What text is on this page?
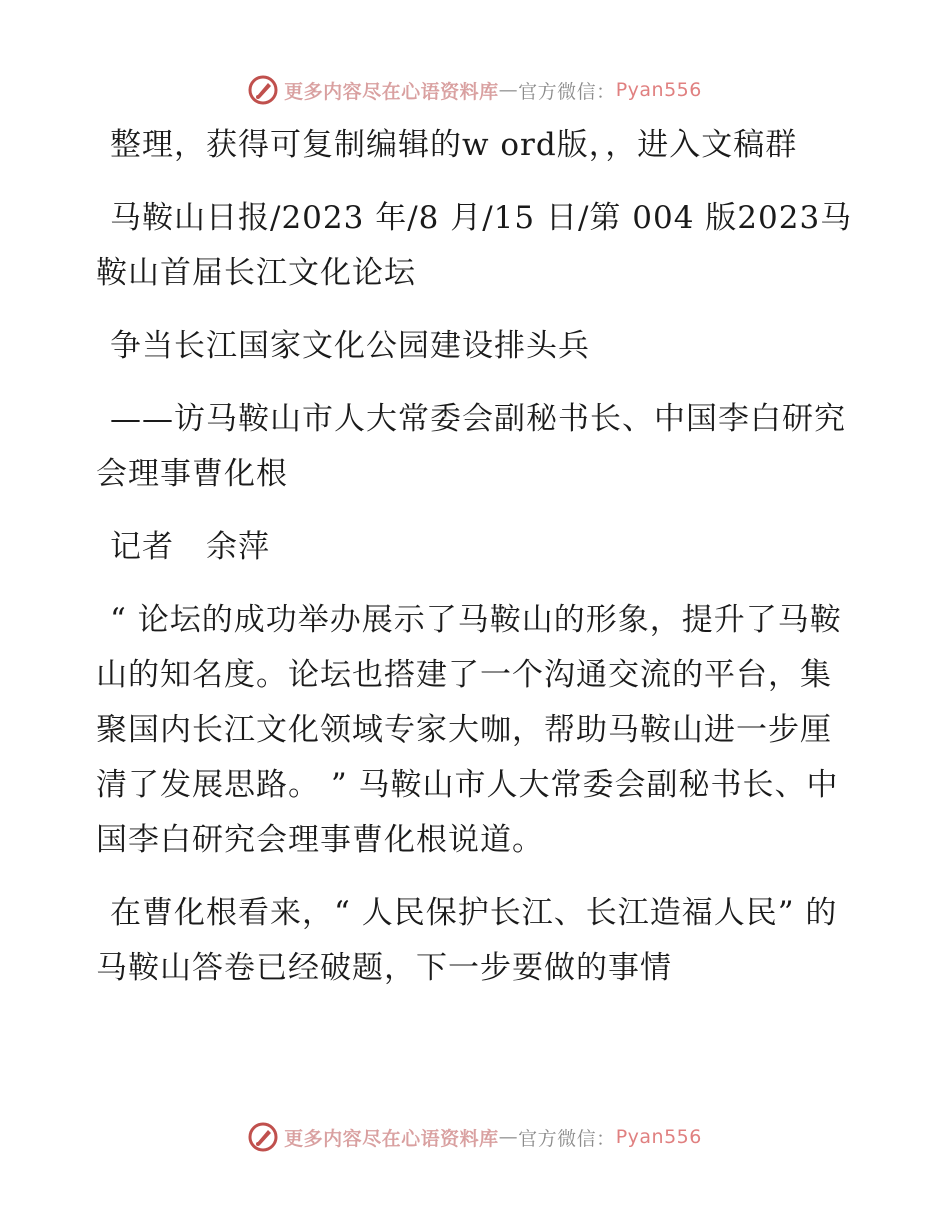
更多内容尽在心语资料库 — 官方微信： Pyan556

整理，获得可复制编辑的w ord版，，进入文稿群

马鞍山日报/2023 年/8 月/15 日/第 004 版2023马鞍山首届长江文化论坛

争当长江国家文化公园建设排头兵

——访马鞍山市人大常委会副秘书长、中国李白研究会理事曹化根

记者　余萍

“ 论坛的成功举办展示了马鞍山的形象，提升了马鞍山的知名度。论坛也搭建了一个沟通交流的平台，集聚国内长江文化领域专家大咖，帮助马鞍山进一步厘清了发展思路。 ” 马鞍山市人大常委会副秘书长、中国李白研究会理事曹化根说道。

在曹化根看来，“ 人民保护长江、长江造福人民” 的马鞍山答卷已经破题，下一步要做的事情

更多内容尽在心语资料库 — 官方微信： Pyan556
